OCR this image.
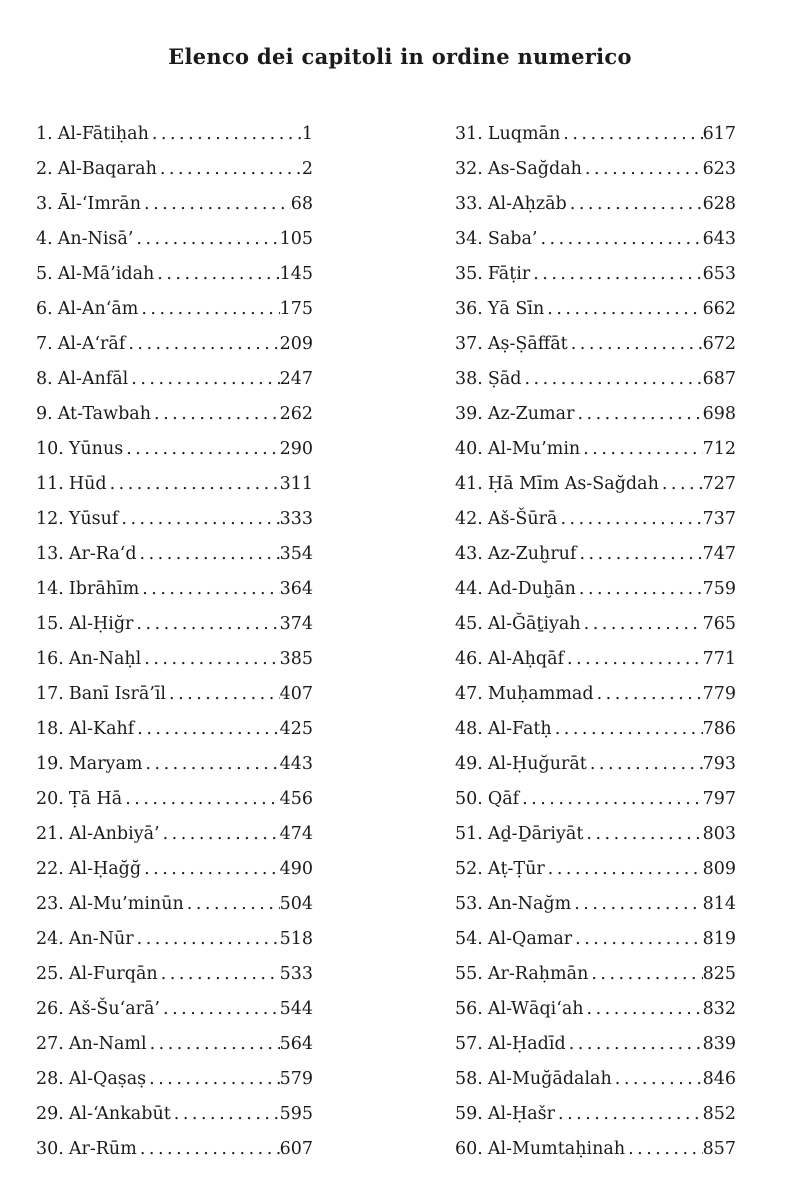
Elenco dei capitoli in ordine numerico
1. Al-Fātiḥah .....	1
2. Al-Baqarah .....	2
3. Āl-‘Imrān .....	68
4. An-Nisā’ .....	105
5. Al-Mā’idah .....	145
6. Al-An‘ām .....	175
7. Al-A‘rāf .....	209
8. Al-Anfāl .....	247
9. At-Tawbah .....	262
10. Yūnus .....	290
11. Hūd .....	311
12. Yūsuf .....	333
13. Ar-Ra‘d .....	354
14. Ibrāhīm .....	364
15. Al-Ḥiğr .....	374
16. An-Naḥl .....	385
17. Banī Isrā’īl .....	407
18. Al-Kahf .....	425
19. Maryam .....	443
20. Ṭā Hā .....	456
21. Al-Anbiyā’ .....	474
22. Al-Ḥağğ .....	490
23. Al-Mu’minūn .....	504
24. An-Nūr .....	518
25. Al-Furqān .....	533
26. Aš-Šu‘arā’ .....	544
27. An-Naml .....	564
28. Al-Qaṣaṣ .....	579
29. Al-‘Ankabūt .....	595
30. Ar-Rūm .....	607
31. Luqmān .....	617
32. As-Sağdah .....	623
33. Al-Aḥzāb .....	628
34. Saba’ .....	643
35. Fāṭir .....	653
36. Yā Sīn .....	662
37. Aṣ-Ṣāffāt .....	672
38. Ṣād .....	687
39. Az-Zumar .....	698
40. Al-Mu’min .....	712
41. Ḥā Mīm As-Sağdah .....	727
42. Aš-Šūrā .....	737
43. Az-Zuḫruf .....	747
44. Ad-Duḫān .....	759
45. Al-Ğāṯiyah .....	765
46. Al-Aḥqāf .....	771
47. Muḥammad .....	779
48. Al-Fatḥ .....	786
49. Al-Ḥuğurāt .....	793
50. Qāf .....	797
51. Aḏ-Ḏāriyāt .....	803
52. Aṭ-Ṭūr .....	809
53. An-Nağm .....	814
54. Al-Qamar .....	819
55. Ar-Raḥmān .....	825
56. Al-Wāqi‘ah .....	832
57. Al-Ḥadīd .....	839
58. Al-Muğādalah .....	846
59. Al-Ḥašr .....	852
60. Al-Mumtaḥinah .....	857
